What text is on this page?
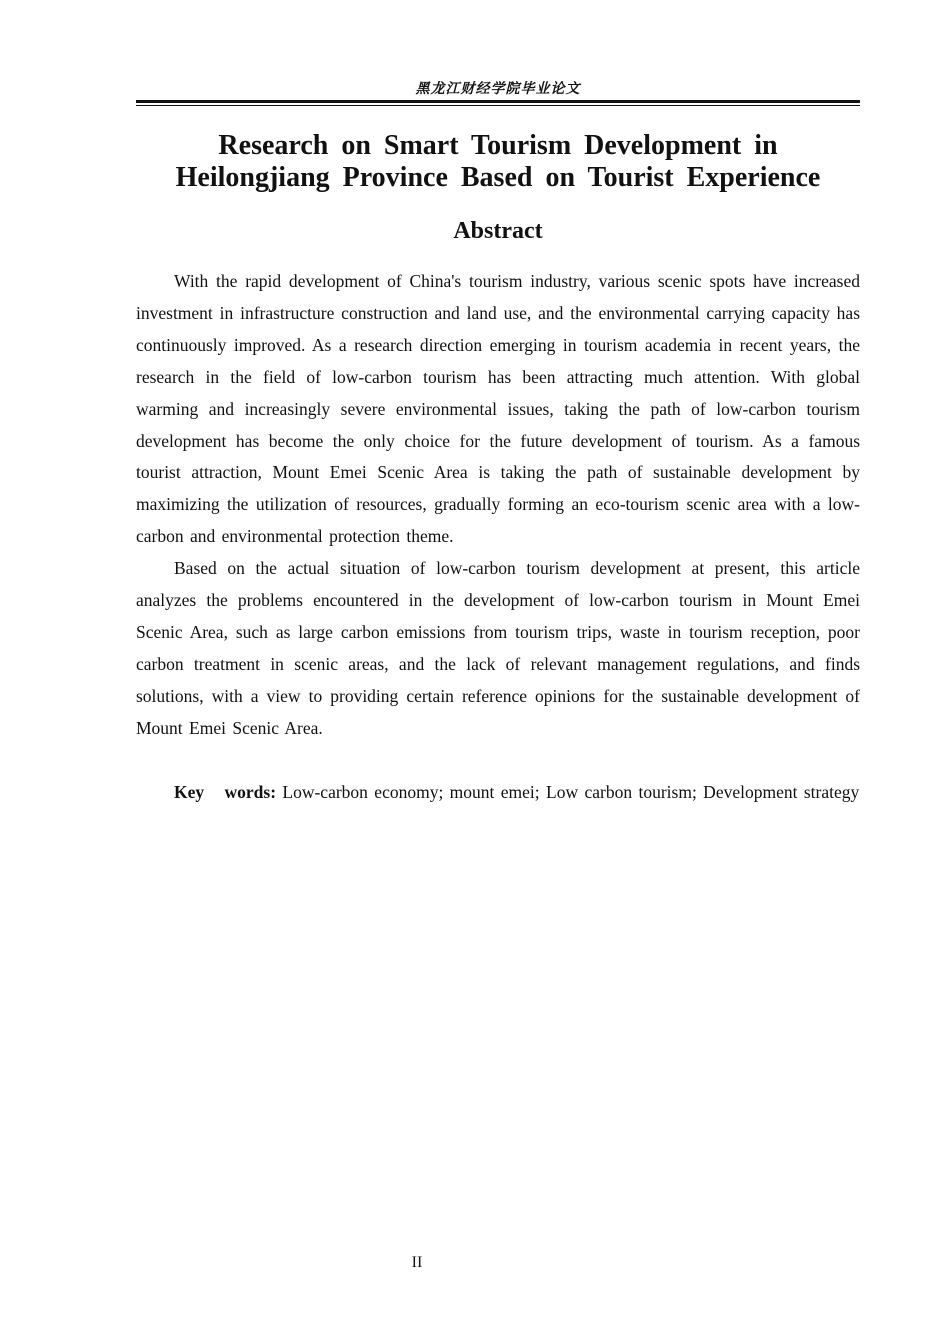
黑龙江财经学院毕业论文
Research on Smart Tourism Development in Heilongjiang Province Based on Tourist Experience
Abstract

With the rapid development of China's tourism industry, various scenic spots have increased investment in infrastructure construction and land use, and the environmental carrying capacity has continuously improved. As a research direction emerging in tourism academia in recent years, the research in the field of low-carbon tourism has been attracting much attention. With global warming and increasingly severe environmental issues, taking the path of low-carbon tourism development has become the only choice for the future development of tourism. As a famous tourist attraction, Mount Emei Scenic Area is taking the path of sustainable development by maximizing the utilization of resources, gradually forming an eco-tourism scenic area with a low-carbon and environmental protection theme.

Based on the actual situation of low-carbon tourism development at present, this article analyzes the problems encountered in the development of low-carbon tourism in Mount Emei Scenic Area, such as large carbon emissions from tourism trips, waste in tourism reception, poor carbon treatment in scenic areas, and the lack of relevant management regulations, and finds solutions, with a view to providing certain reference opinions for the sustainable development of Mount Emei Scenic Area.

Key words: Low-carbon economy; mount emei; Low carbon tourism; Development strategy

II
